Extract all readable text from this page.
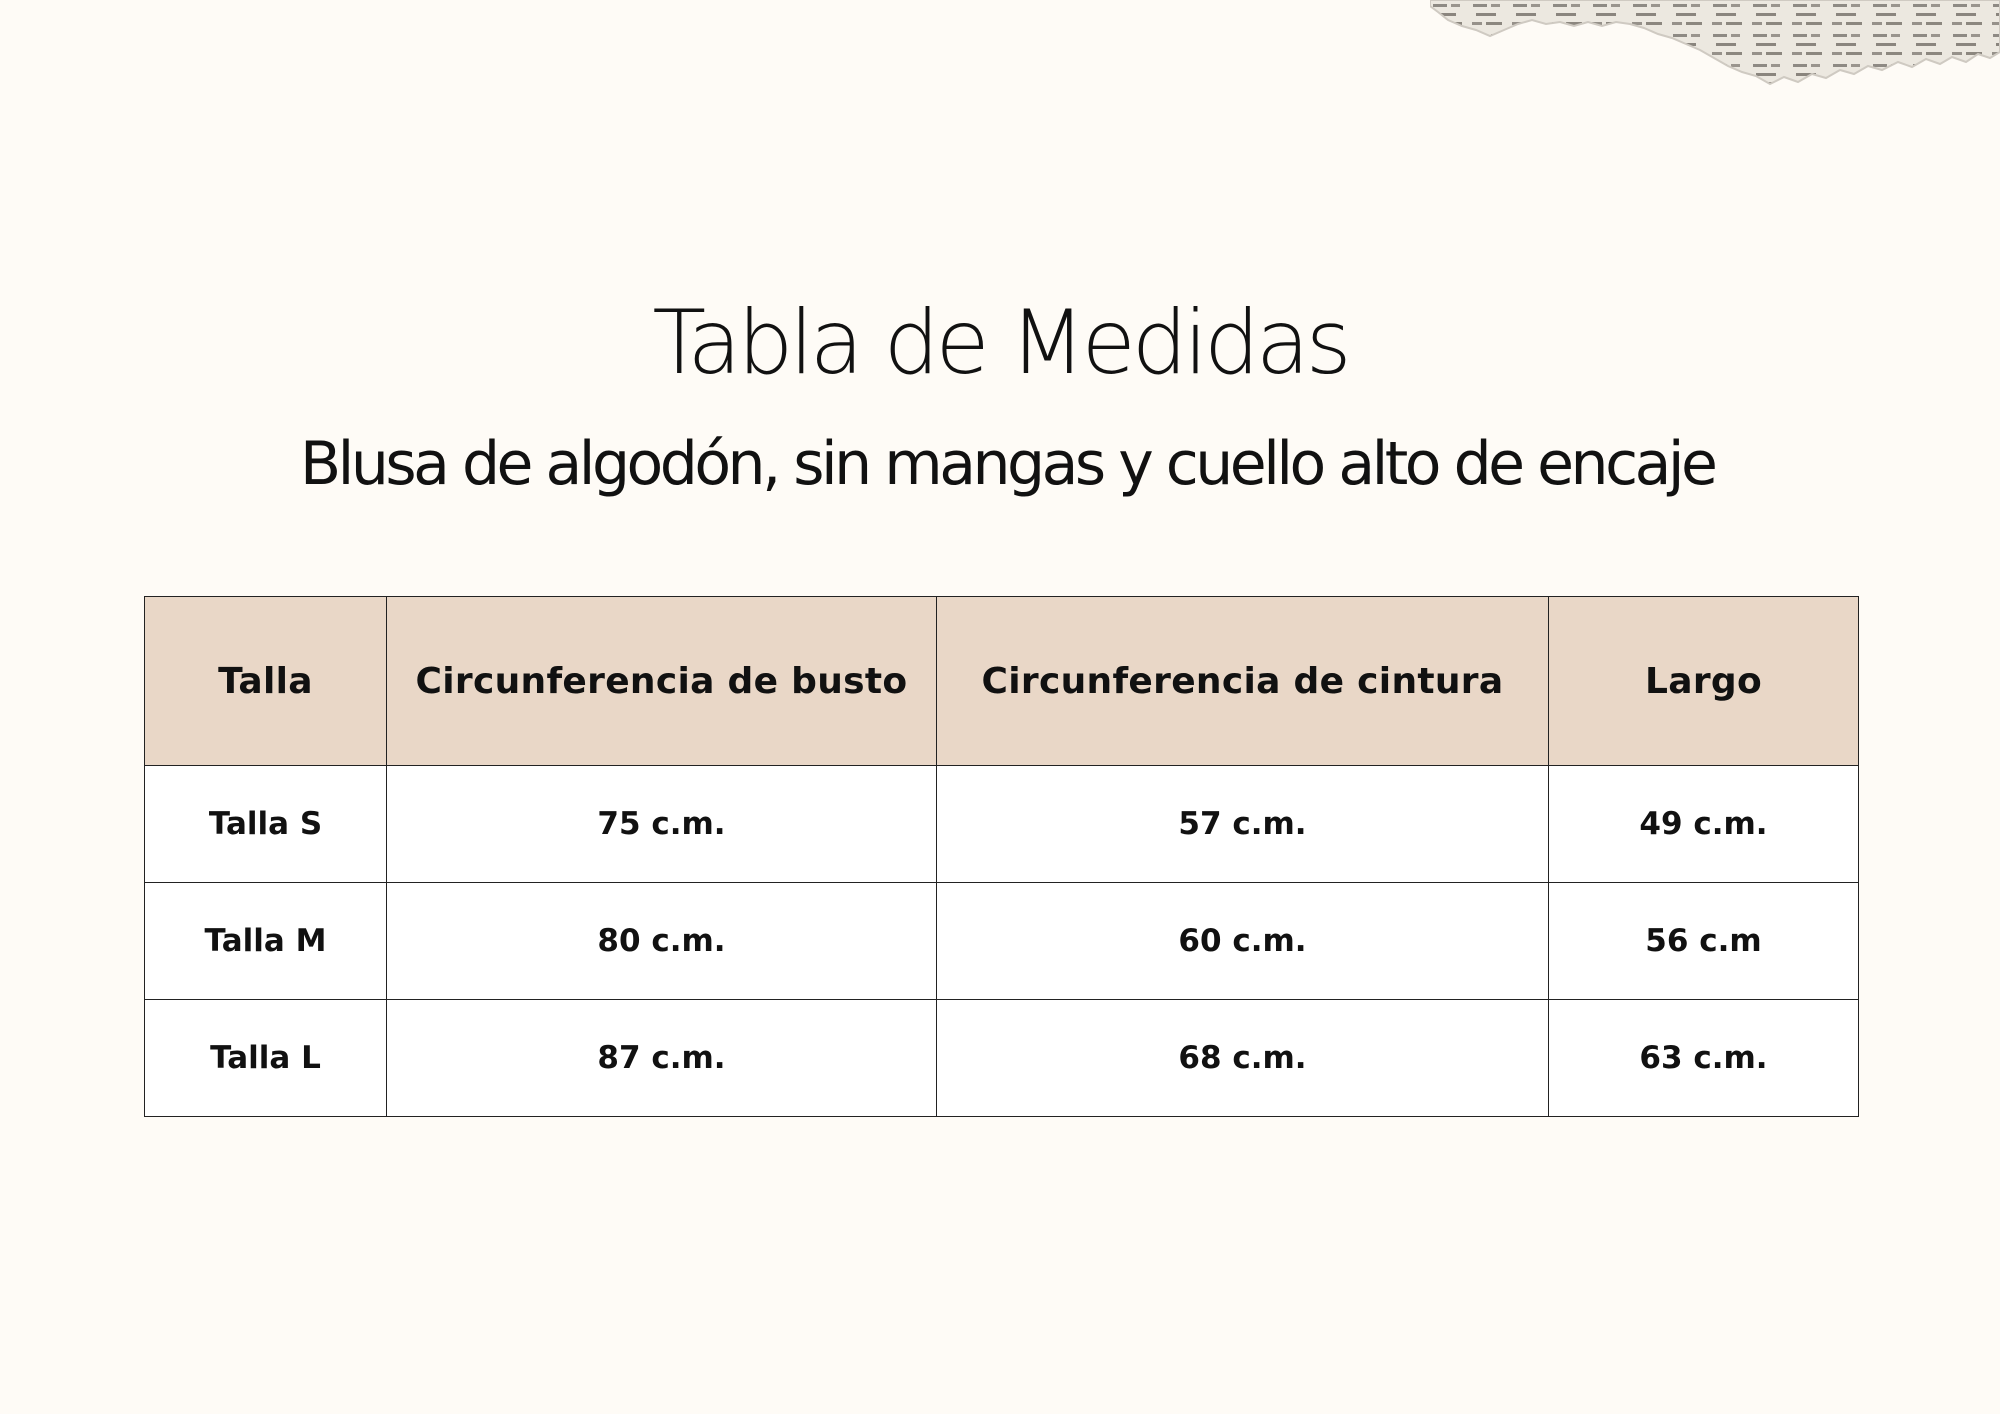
Tabla de Medidas
Blusa de algodón, sin mangas y cuello alto de encaje
Talla	Circunferencia de busto	Circunferencia de cintura	Largo
Talla S	75 c.m.	57 c.m.	49 c.m.
Talla M	80 c.m.	60 c.m.	56 c.m
Talla L	87 c.m.	68 c.m.	63 c.m.
